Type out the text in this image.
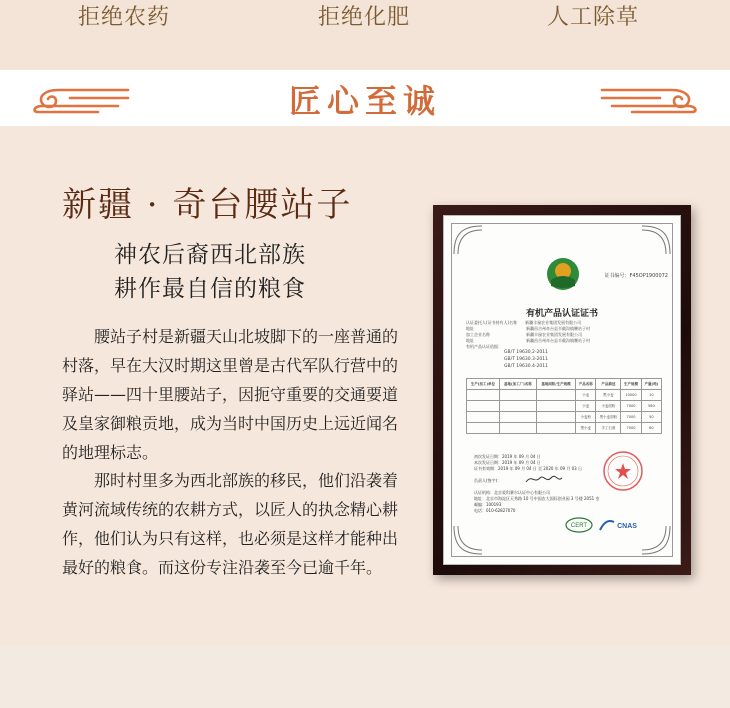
拒绝农药	拒绝化肥	人工除草
匠心至诚
新疆 · 奇台腰站子
神农后裔西北部族
耕作最自信的粮食

腰站子村是新疆天山北坡脚下的一座普通的村落，早在大汉时期这里曾是古代军队行营中的驿站——四十里腰站子，因扼守重要的交通要道及皇家御粮贡地，成为当时中国历史上远近闻名的地理标志。

那时村里多为西北部族的移民，他们沿袭着黄河流域传统的农耕方式，以匠人的执念精心耕作，他们认为只有这样，也必须是这样才能种出最好的粮食。而这份专注沿袭至今已逾千年。

证书编号：F45OP1900072
有机产品认证证书
认证委托人(证书持有人)名称　　新疆丰禄农业集团发展有限公司
地址　　　　　　　　　　　　　新疆昌吉州奇台县半截沟镇腰站子村
加工企业名称　　　　　　　　　新疆丰禄农业集团发展有限公司
地址　　　　　　　　　　　　　新疆昌吉州奇台县半截沟镇腰站子村
有机产品认证依据：
GB/T 19630.2-2011
GB/T 19630.3-2011
GB/T 19630.4-2011
生产(加工)单位	基地(加工厂)名称	基地面积/生产规模	产品名称	产品描述	生产规模	产量(吨)
			小麦	黑小麦	10000	10
			小麦	小麦面粉	7000	580
			小麦粉	黑小麦面粉	7000	50
			黑小麦	手工石面	7000	60
初次发证日期：2019 年 09 月 04 日
本次发证日期：2019 年 09 月 04 日
证书有效期：2019 年 09 月 04 日 至 2020 年 09 月 03 日
负责人(签字)：
认证机构：北京爱科赛尔认证中心有限公司
地址：北京市海淀区天秀路 10 号中国农大国际创业园 3 号楼 2051 室
邮编：100193
电话：010-62827070
CERT	CNAS
